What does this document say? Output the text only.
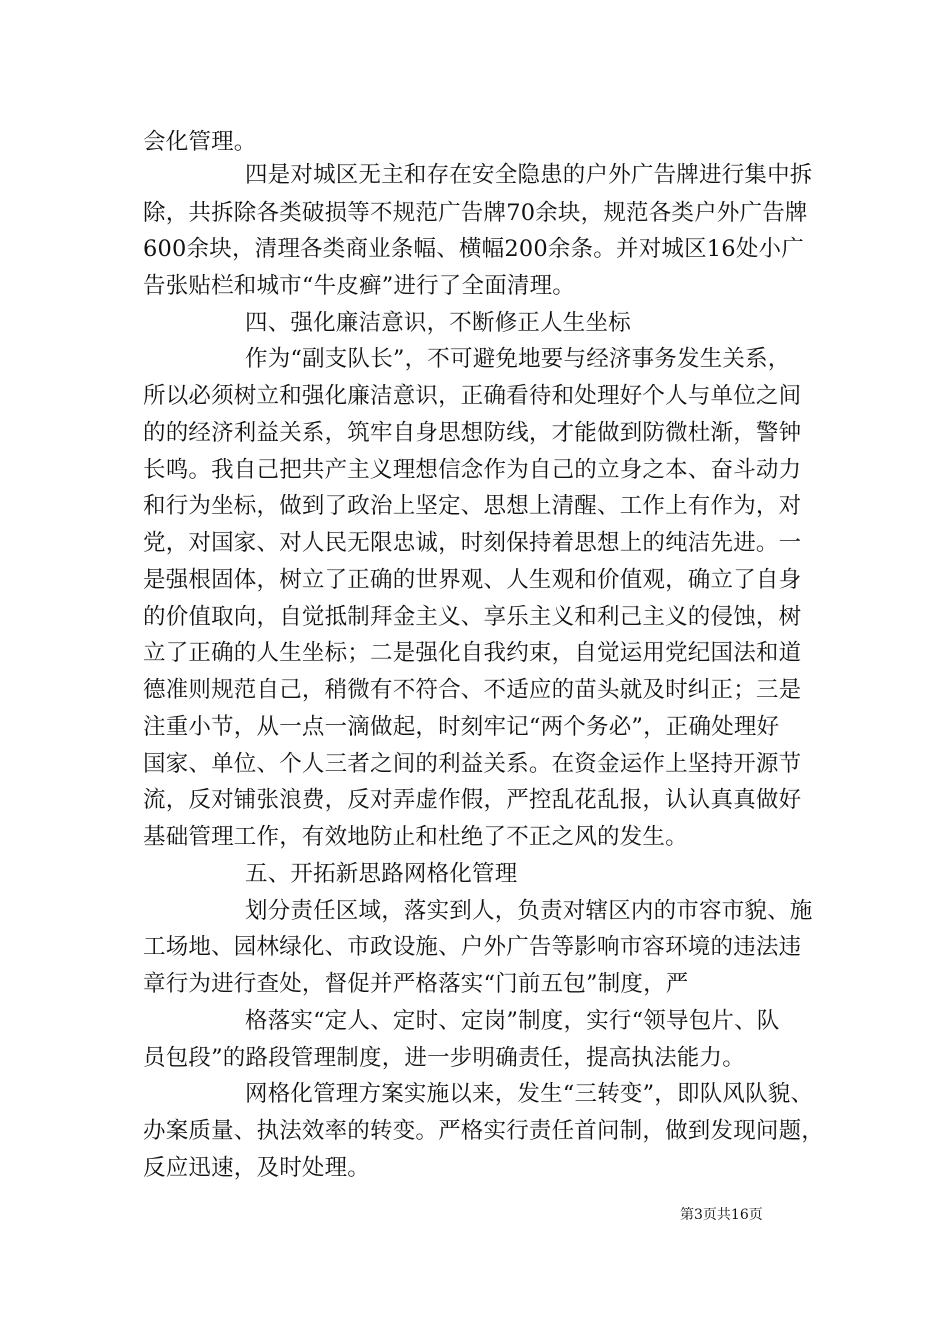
会化管理。
四是对城区无主和存在安全隐患的户外广告牌进行集中拆
除，共拆除各类破损等不规范广告牌70余块，规范各类户外广告牌
600余块，清理各类商业条幅、横幅200余条。并对城区16处小广
告张贴栏和城市“牛皮癣”进行了全面清理。
四、强化廉洁意识，不断修正人生坐标
作为“副支队长”，不可避免地要与经济事务发生关系，
所以必须树立和强化廉洁意识，正确看待和处理好个人与单位之间
的的经济利益关系，筑牢自身思想防线，才能做到防微杜渐，警钟
长鸣。我自己把共产主义理想信念作为自己的立身之本、奋斗动力
和行为坐标，做到了政治上坚定、思想上清醒、工作上有作为，对
党，对国家、对人民无限忠诚，时刻保持着思想上的纯洁先进。一
是强根固体，树立了正确的世界观、人生观和价值观，确立了自身
的价值取向，自觉抵制拜金主义、享乐主义和利己主义的侵蚀，树
立了正确的人生坐标；二是强化自我约束，自觉运用党纪国法和道
德准则规范自己，稍微有不符合、不适应的苗头就及时纠正；三是
注重小节，从一点一滴做起，时刻牢记“两个务必”，正确处理好
国家、单位、个人三者之间的利益关系。在资金运作上坚持开源节
流，反对铺张浪费，反对弄虚作假，严控乱花乱报，认认真真做好
基础管理工作，有效地防止和杜绝了不正之风的发生。
五、开拓新思路网格化管理
划分责任区域，落实到人，负责对辖区内的市容市貌、施
工场地、园林绿化、市政设施、户外广告等影响市容环境的违法违
章行为进行查处，督促并严格落实“门前五包”制度，严
格落实“定人、定时、定岗”制度，实行“领导包片、队
员包段”的路段管理制度，进一步明确责任，提高执法能力。
网格化管理方案实施以来，发生“三转变”，即队风队貌、
办案质量、执法效率的转变。严格实行责任首问制，做到发现问题，
反应迅速，及时处理。
第3页共16页
